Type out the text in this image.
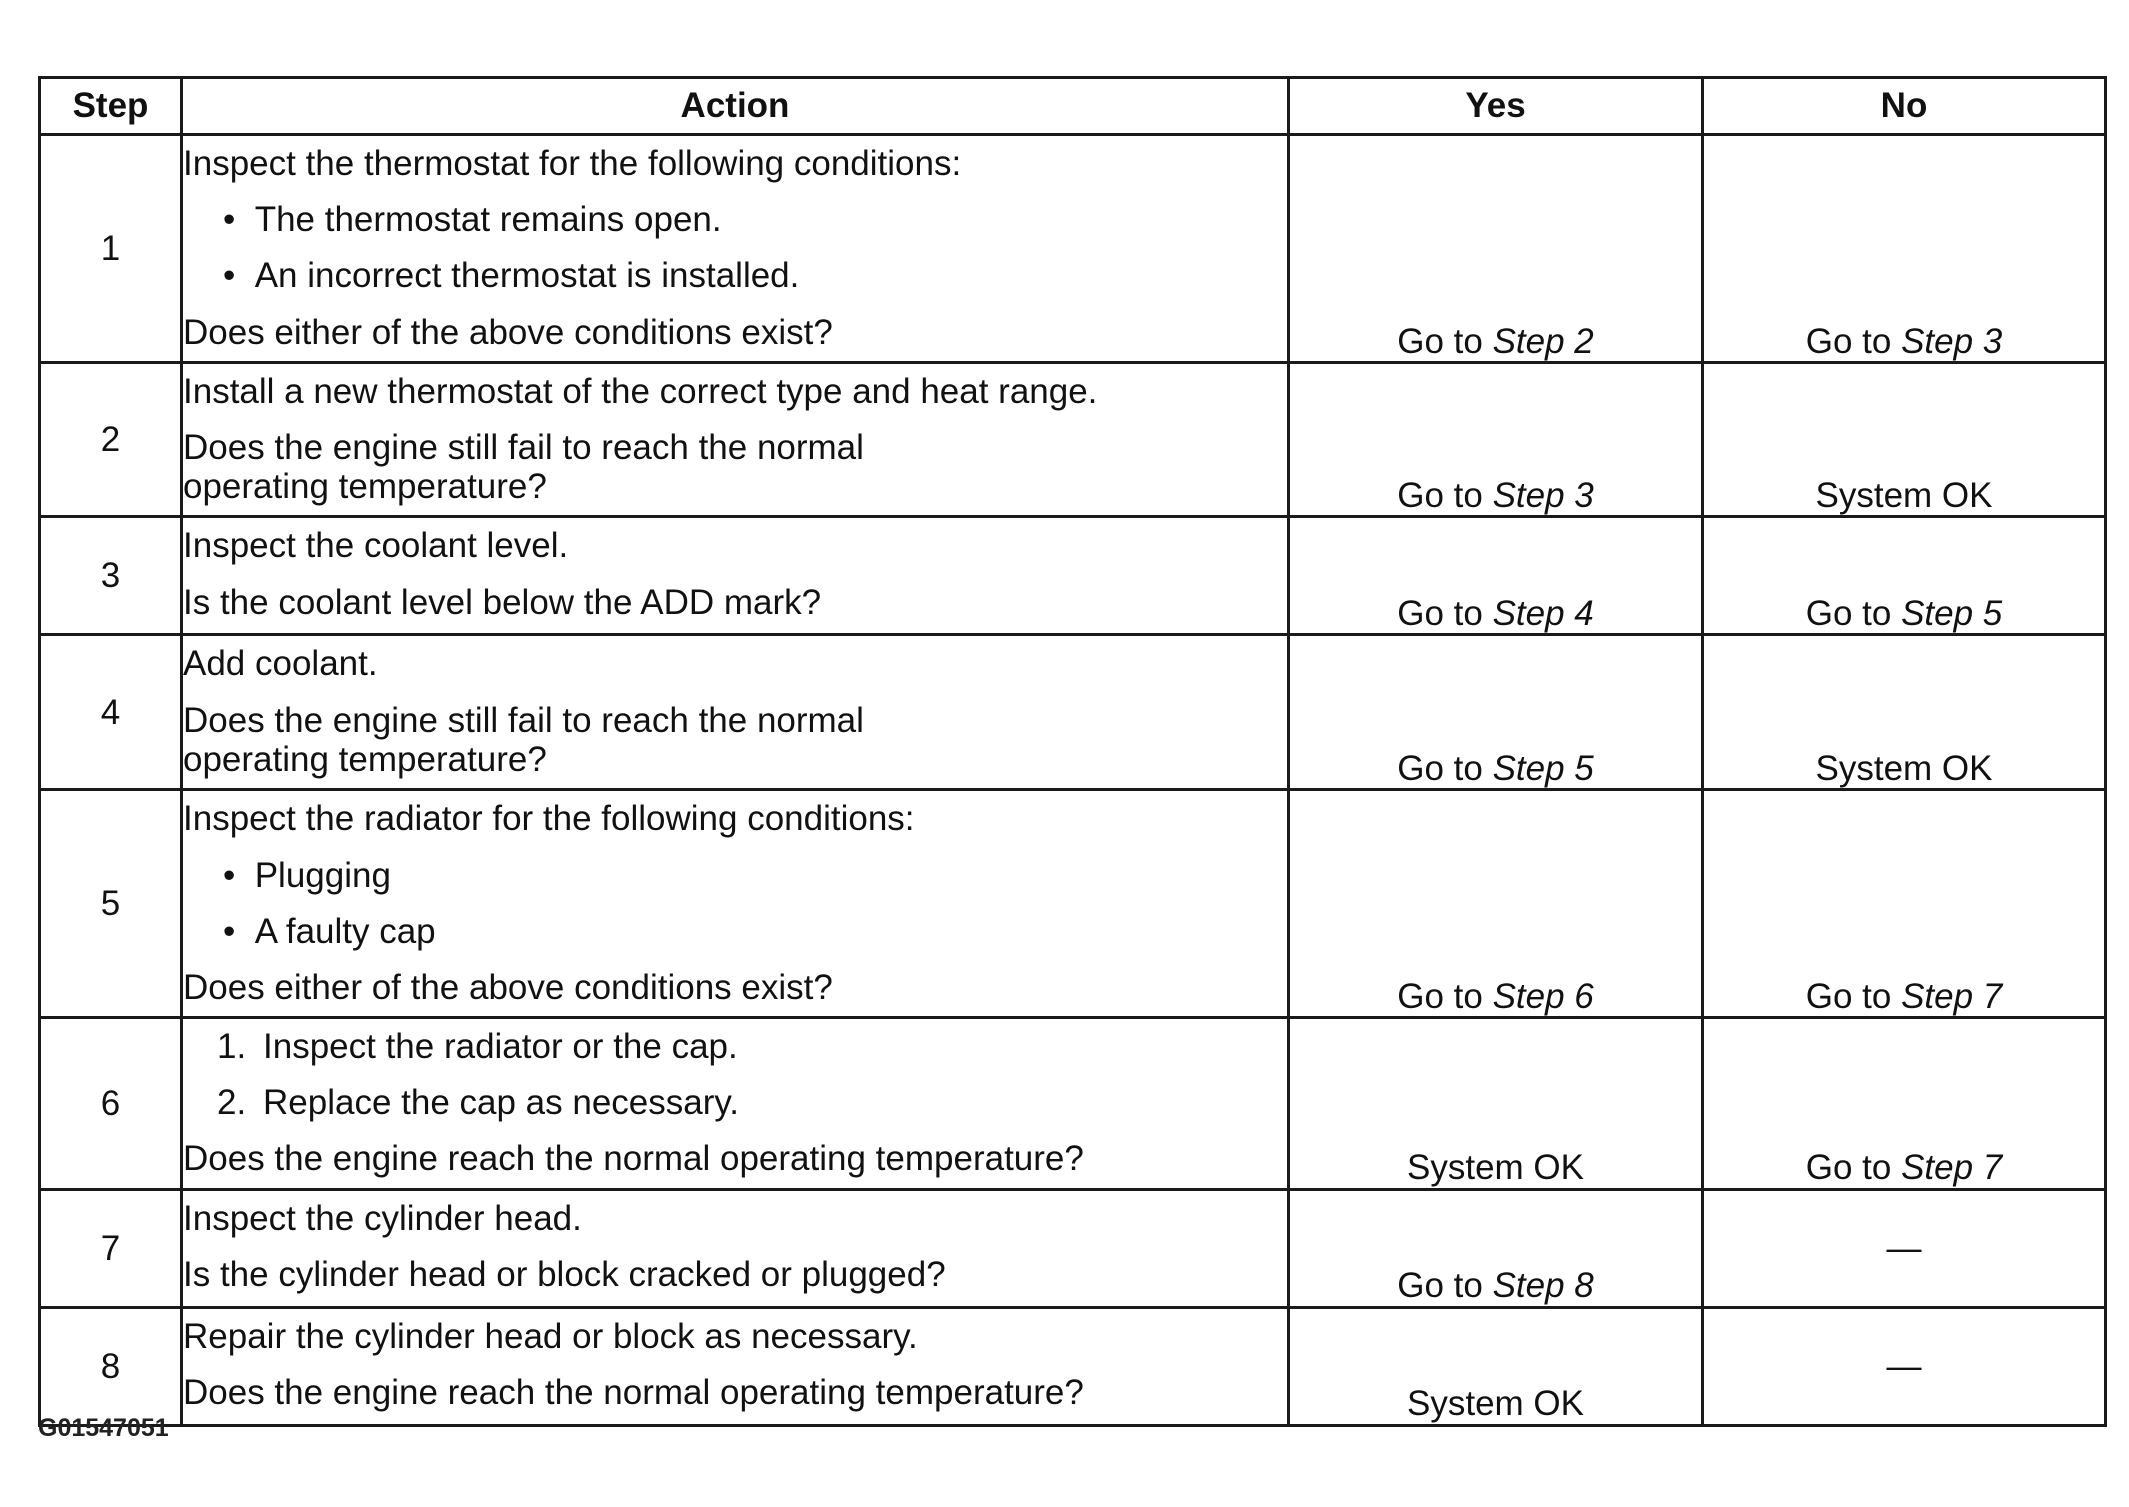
Step	Action	Yes	No
1	Inspect the thermostat for the following conditions:
•  The thermostat remains open.
•  An incorrect thermostat is installed.
Does either of the above conditions exist?	Go to Step 2	Go to Step 3
2	Install a new thermostat of the correct type and heat range.
Does the engine still fail to reach the normal operating temperature?	Go to Step 3	System OK
3	Inspect the coolant level.
Is the coolant level below the ADD mark?	Go to Step 4	Go to Step 5
4	Add coolant.
Does the engine still fail to reach the normal operating temperature?	Go to Step 5	System OK
5	Inspect the radiator for the following conditions:
•  Plugging
•  A faulty cap
Does either of the above conditions exist?	Go to Step 6	Go to Step 7
6	1. Inspect the radiator or the cap.
2. Replace the cap as necessary.
Does the engine reach the normal operating temperature?	System OK	Go to Step 7
7	Inspect the cylinder head.
Is the cylinder head or block cracked or plugged?	Go to Step 8	—
8	Repair the cylinder head or block as necessary.
Does the engine reach the normal operating temperature?	System OK	—
G01547051
